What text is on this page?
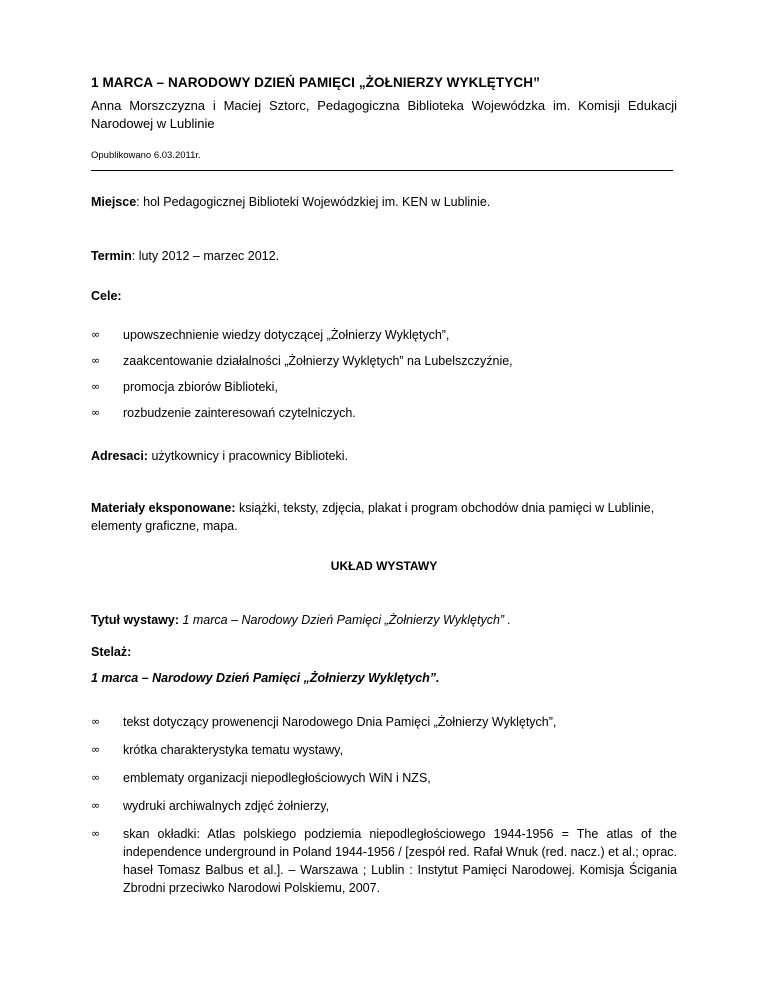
1 MARCA – NARODOWY DZIEŃ PAMIĘCI „ŻOŁNIERZY WYKLĘTYCH”
Anna Morszczyzna i Maciej Sztorc, Pedagogiczna Biblioteka Wojewódzka im. Komisji Edukacji Narodowej w Lublinie
Opublikowano 6.03.2011r.
Miejsce: hol Pedagogicznej Biblioteki Wojewódzkiej im. KEN w Lublinie.
Termin: luty 2012 – marzec 2012.
Cele:
∞ upowszechnienie wiedzy dotyczącej „Żołnierzy Wyklętych”,
∞ zaakcentowanie działalności „Żołnierzy Wyklętych” na Lubelszczyźnie,
∞ promocja zbiorów Biblioteki,
∞ rozbudzenie zainteresowań czytelniczych.
Adresaci: użytkownicy i pracownicy Biblioteki.
Materiały eksponowane: książki, teksty, zdjęcia, plakat i program obchodów dnia pamięci w Lublinie,
elementy graficzne, mapa.
UKŁAD WYSTAWY
Tytuł wystawy: 1 marca – Narodowy Dzień Pamięci „Żołnierzy Wyklętych” .
Stelaż:
1 marca – Narodowy Dzień Pamięci „Żołnierzy Wyklętych”.
∞ tekst dotyczący prowenencji Narodowego Dnia Pamięci „Żołnierzy Wyklętych”,
∞ krótka charakterystyka tematu wystawy,
∞ emblematy organizacji niepodległościowych WiN i NZS,
∞ wydruki archiwalnych zdjęć żołnierzy,
∞ skan okładki: Atlas polskiego podziemia niepodległościowego 1944-1956 = The atlas of the independence underground in Poland 1944-1956 / [zespół red. Rafał Wnuk (red. nacz.) et al.; oprac. haseł Tomasz Balbus et al.]. – Warszawa ; Lublin : Instytut Pamięci Narodowej. Komisja Ścigania Zbrodni przeciwko Narodowi Polskiemu, 2007.
